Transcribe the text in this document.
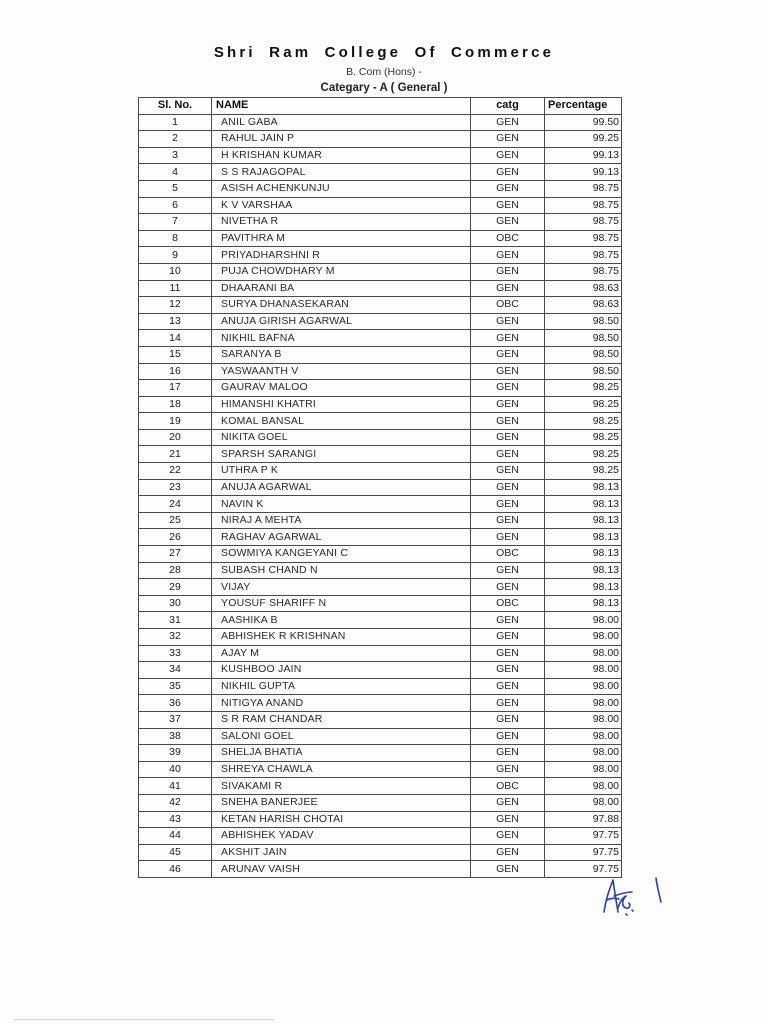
Shri Ram College Of Commerce
B. Com (Hons) -
Categary - A ( General )
Sl. No.	NAME	catg	Percentage
1	ANIL GABA	GEN	99.50
2	RAHUL JAIN P	GEN	99.25
3	H KRISHAN KUMAR	GEN	99.13
4	S S RAJAGOPAL	GEN	99.13
5	ASISH ACHENKUNJU	GEN	98.75
6	K V VARSHAA	GEN	98.75
7	NIVETHA R	GEN	98.75
8	PAVITHRA M	OBC	98.75
9	PRIYADHARSHNI R	GEN	98.75
10	PUJA CHOWDHARY M	GEN	98.75
11	DHAARANI BA	GEN	98.63
12	SURYA DHANASEKARAN	OBC	98.63
13	ANUJA GIRISH AGARWAL	GEN	98.50
14	NIKHIL BAFNA	GEN	98.50
15	SARANYA B	GEN	98.50
16	YASWAANTH V	GEN	98.50
17	GAURAV MALOO	GEN	98.25
18	HIMANSHI KHATRI	GEN	98.25
19	KOMAL BANSAL	GEN	98.25
20	NIKITA GOEL	GEN	98.25
21	SPARSH SARANGI	GEN	98.25
22	UTHRA P K	GEN	98.25
23	ANUJA AGARWAL	GEN	98.13
24	NAVIN K	GEN	98.13
25	NIRAJ A MEHTA	GEN	98.13
26	RAGHAV AGARWAL	GEN	98.13
27	SOWMIYA KANGEYANI C	OBC	98.13
28	SUBASH CHAND N	GEN	98.13
29	VIJAY	GEN	98.13
30	YOUSUF SHARIFF N	OBC	98.13
31	AASHIKA B	GEN	98.00
32	ABHISHEK R KRISHNAN	GEN	98.00
33	AJAY M	GEN	98.00
34	KUSHBOO JAIN	GEN	98.00
35	NIKHIL GUPTA	GEN	98.00
36	NITIGYA ANAND	GEN	98.00
37	S R RAM CHANDAR	GEN	98.00
38	SALONI GOEL	GEN	98.00
39	SHELJA BHATIA	GEN	98.00
40	SHREYA CHAWLA	GEN	98.00
41	SIVAKAMI R	OBC	98.00
42	SNEHA BANERJEE	GEN	98.00
43	KETAN HARISH CHOTAI	GEN	97.88
44	ABHISHEK YADAV	GEN	97.75
45	AKSHIT JAIN	GEN	97.75
46	ARUNAV VAISH	GEN	97.75
